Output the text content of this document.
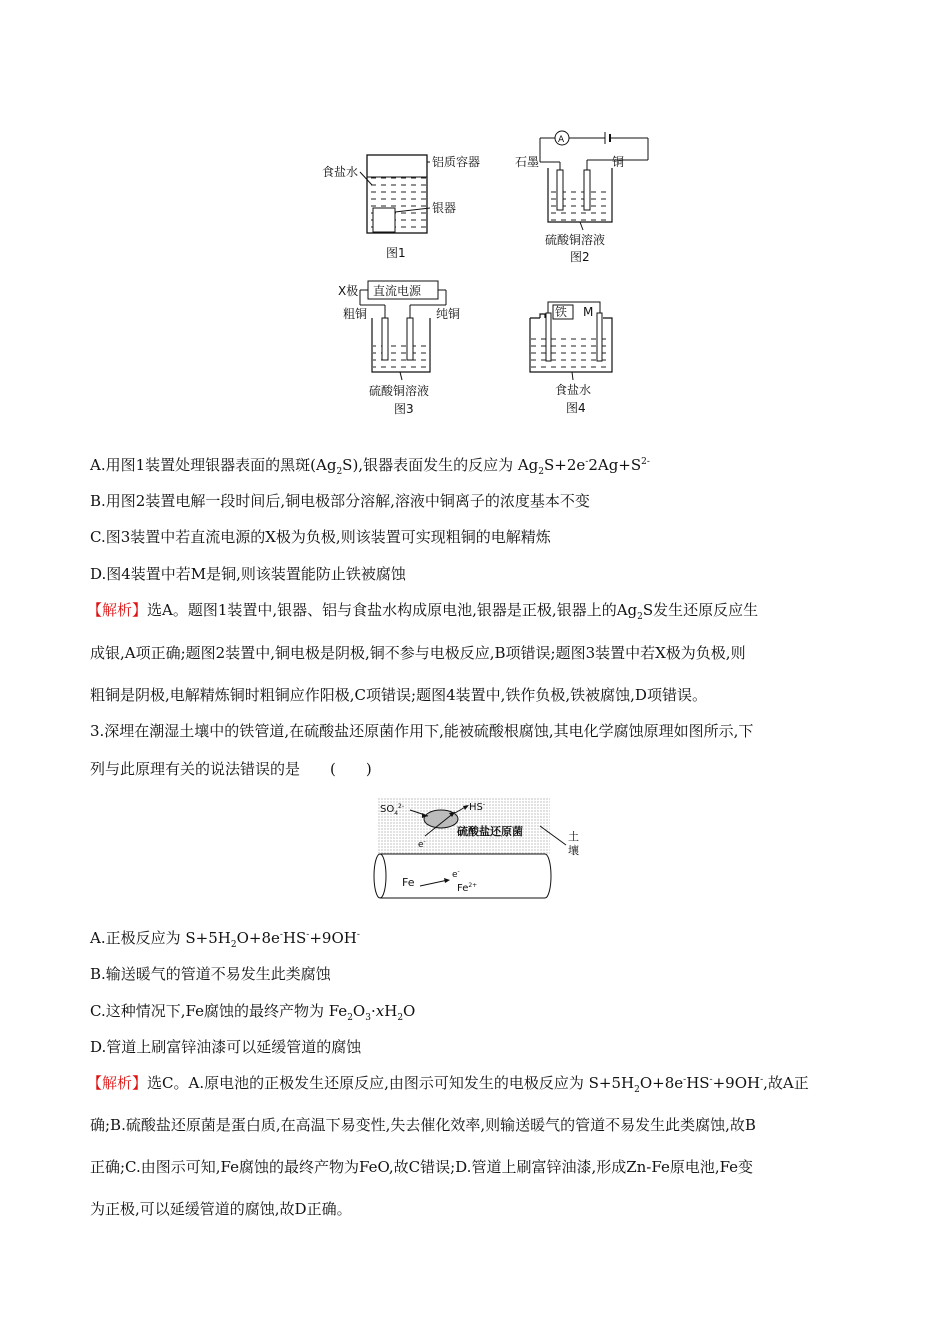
食盐水
铝质容器
银器
图1
A
石墨	铜
硫酸铜溶液
图2
直流电源
X极
粗铜	纯铜
硫酸铜溶液
图3
铁 M
食盐水
图4
A.用图1装置处理银器表面的黑斑$(Ag_2S)$,银器表面发生的反应为 $Ag_2S+2e^-2Ag+S^{2-}$
B.用图2装置电解一段时间后,铜电极部分溶解,溶液中铜离子的浓度基本不变
C.图3装置中若直流电源的X极为负极,则该装置可实现粗铜的电解精炼
D.图4装置中若M是铜,则该装置能防止铁被腐蚀
【解析】选A。题图1装置中,银器、铝与食盐水构成原电池,银器是正极,银器上的$Ag_2S$发生还原反应生
成银,A项正确;题图2装置中,铜电极是阴极,铜不参与电极反应,B项错误;题图3装置中若X极为负极,则
粗铜是阴极,电解精炼铜时粗铜应作阳极,C项错误;题图4装置中,铁作负极,铁被腐蚀,D项错误。
3.深埋在潮湿土壤中的铁管道,在硫酸盐还原菌作用下,能被硫酸根腐蚀,其电化学腐蚀原理如图所示,下
列与此原理有关的说法错误的是　　(　　)
$SO_4^{2-}$	HS-
硫酸盐还原菌
e-	土
壤
Fe
e-
$Fe^{2+}$
A.正极反应为 $S+5H_2O+8e^-HS^-+9OH^-$
B.输送暖气的管道不易发生此类腐蚀
C.这种情况下,Fe腐蚀的最终产物为 $Fe_2O_3\cdot xH_2O$
D.管道上刷富锌油漆可以延缓管道的腐蚀
【解析】选C。A.原电池的正极发生还原反应,由图示可知发生的电极反应为 $S+5H_2O+8e^-HS^-+9OH^-$,故A正
确;B.硫酸盐还原菌是蛋白质,在高温下易变性,失去催化效率,则输送暖气的管道不易发生此类腐蚀,故B
正确;C.由图示可知,Fe腐蚀的最终产物为FeO,故C错误;D.管道上刷富锌油漆,形成Zn-Fe原电池,Fe变
为正极,可以延缓管道的腐蚀,故D正确。
